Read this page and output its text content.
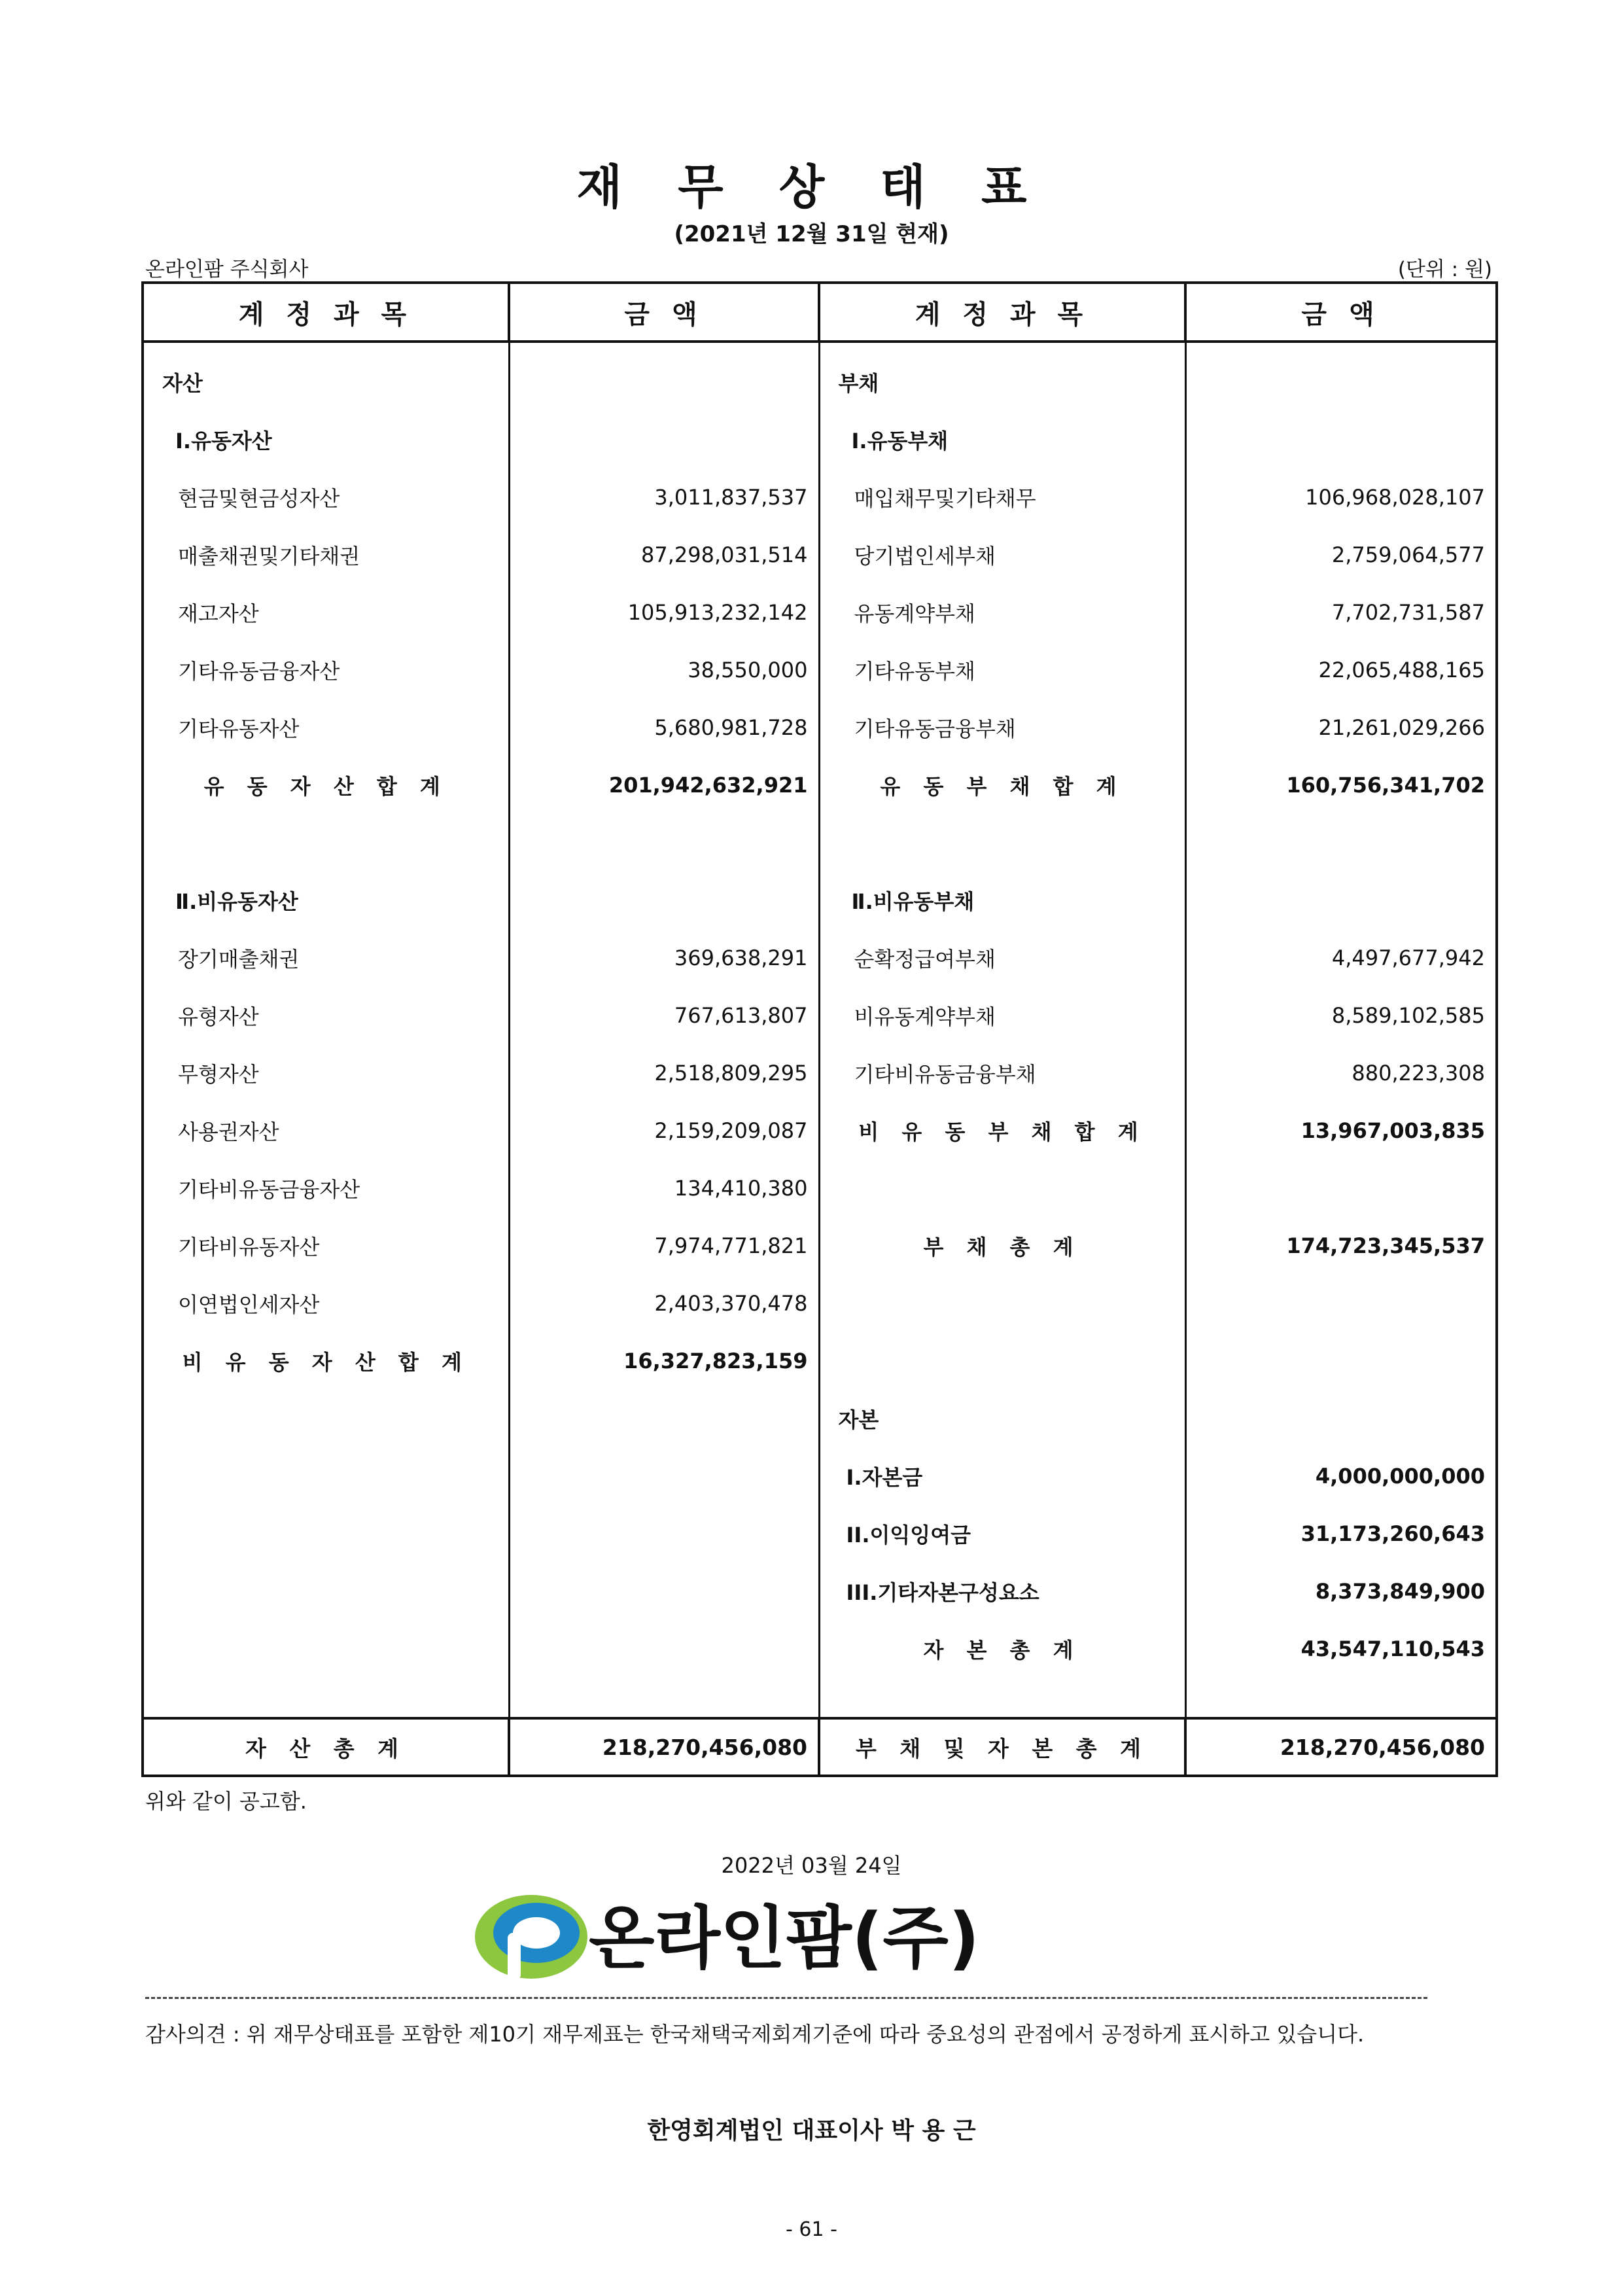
재 무 상 태 표
(2021년 12월 31일 현재)
온라인팜 주식회사	(단위 : 원)
계 정 과 목	금 액	계 정 과 목	금 액
자산		부채	
Ⅰ.유동자산		Ⅰ.유동부채	
현금및현금성자산	3,011,837,537	매입채무및기타채무	106,968,028,107
매출채권및기타채권	87,298,031,514	당기법인세부채	2,759,064,577
재고자산	105,913,232,142	유동계약부채	7,702,731,587
기타유동금융자산	38,550,000	기타유동부채	22,065,488,165
기타유동자산	5,680,981,728	기타유동금융부채	21,261,029,266
유 동 자 산 합 계	201,942,632,921	유 동 부 채 합 계	160,756,341,702

Ⅱ.비유동자산		Ⅱ.비유동부채	
장기매출채권	369,638,291	순확정급여부채	4,497,677,942
유형자산	767,613,807	비유동계약부채	8,589,102,585
무형자산	2,518,809,295	기타비유동금융부채	880,223,308
사용권자산	2,159,209,087	비 유 동 부 채 합 계	13,967,003,835
기타비유동금융자산	134,410,380		
기타비유동자산	7,974,771,821	부 채 총 계	174,723,345,537
이연법인세자산	2,403,370,478		
비 유 동 자 산 합 계	16,327,823,159		
		자본	
		I.자본금	4,000,000,000
		II.이익잉여금	31,173,260,643
		III.기타자본구성요소	8,373,849,900
		자 본 총 계	43,547,110,543

자 산 총 계	218,270,456,080	부 채 및 자 본 총 계	218,270,456,080
위와 같이 공고함.
2022년 03월 24일
온라인팜(주)
감사의견 : 위 재무상태표를 포함한 제10기 재무제표는 한국채택국제회계기준에 따라 중요성의 관점에서 공정하게 표시하고 있습니다.
한영회계법인 대표이사 박 용 근
- 61 -
